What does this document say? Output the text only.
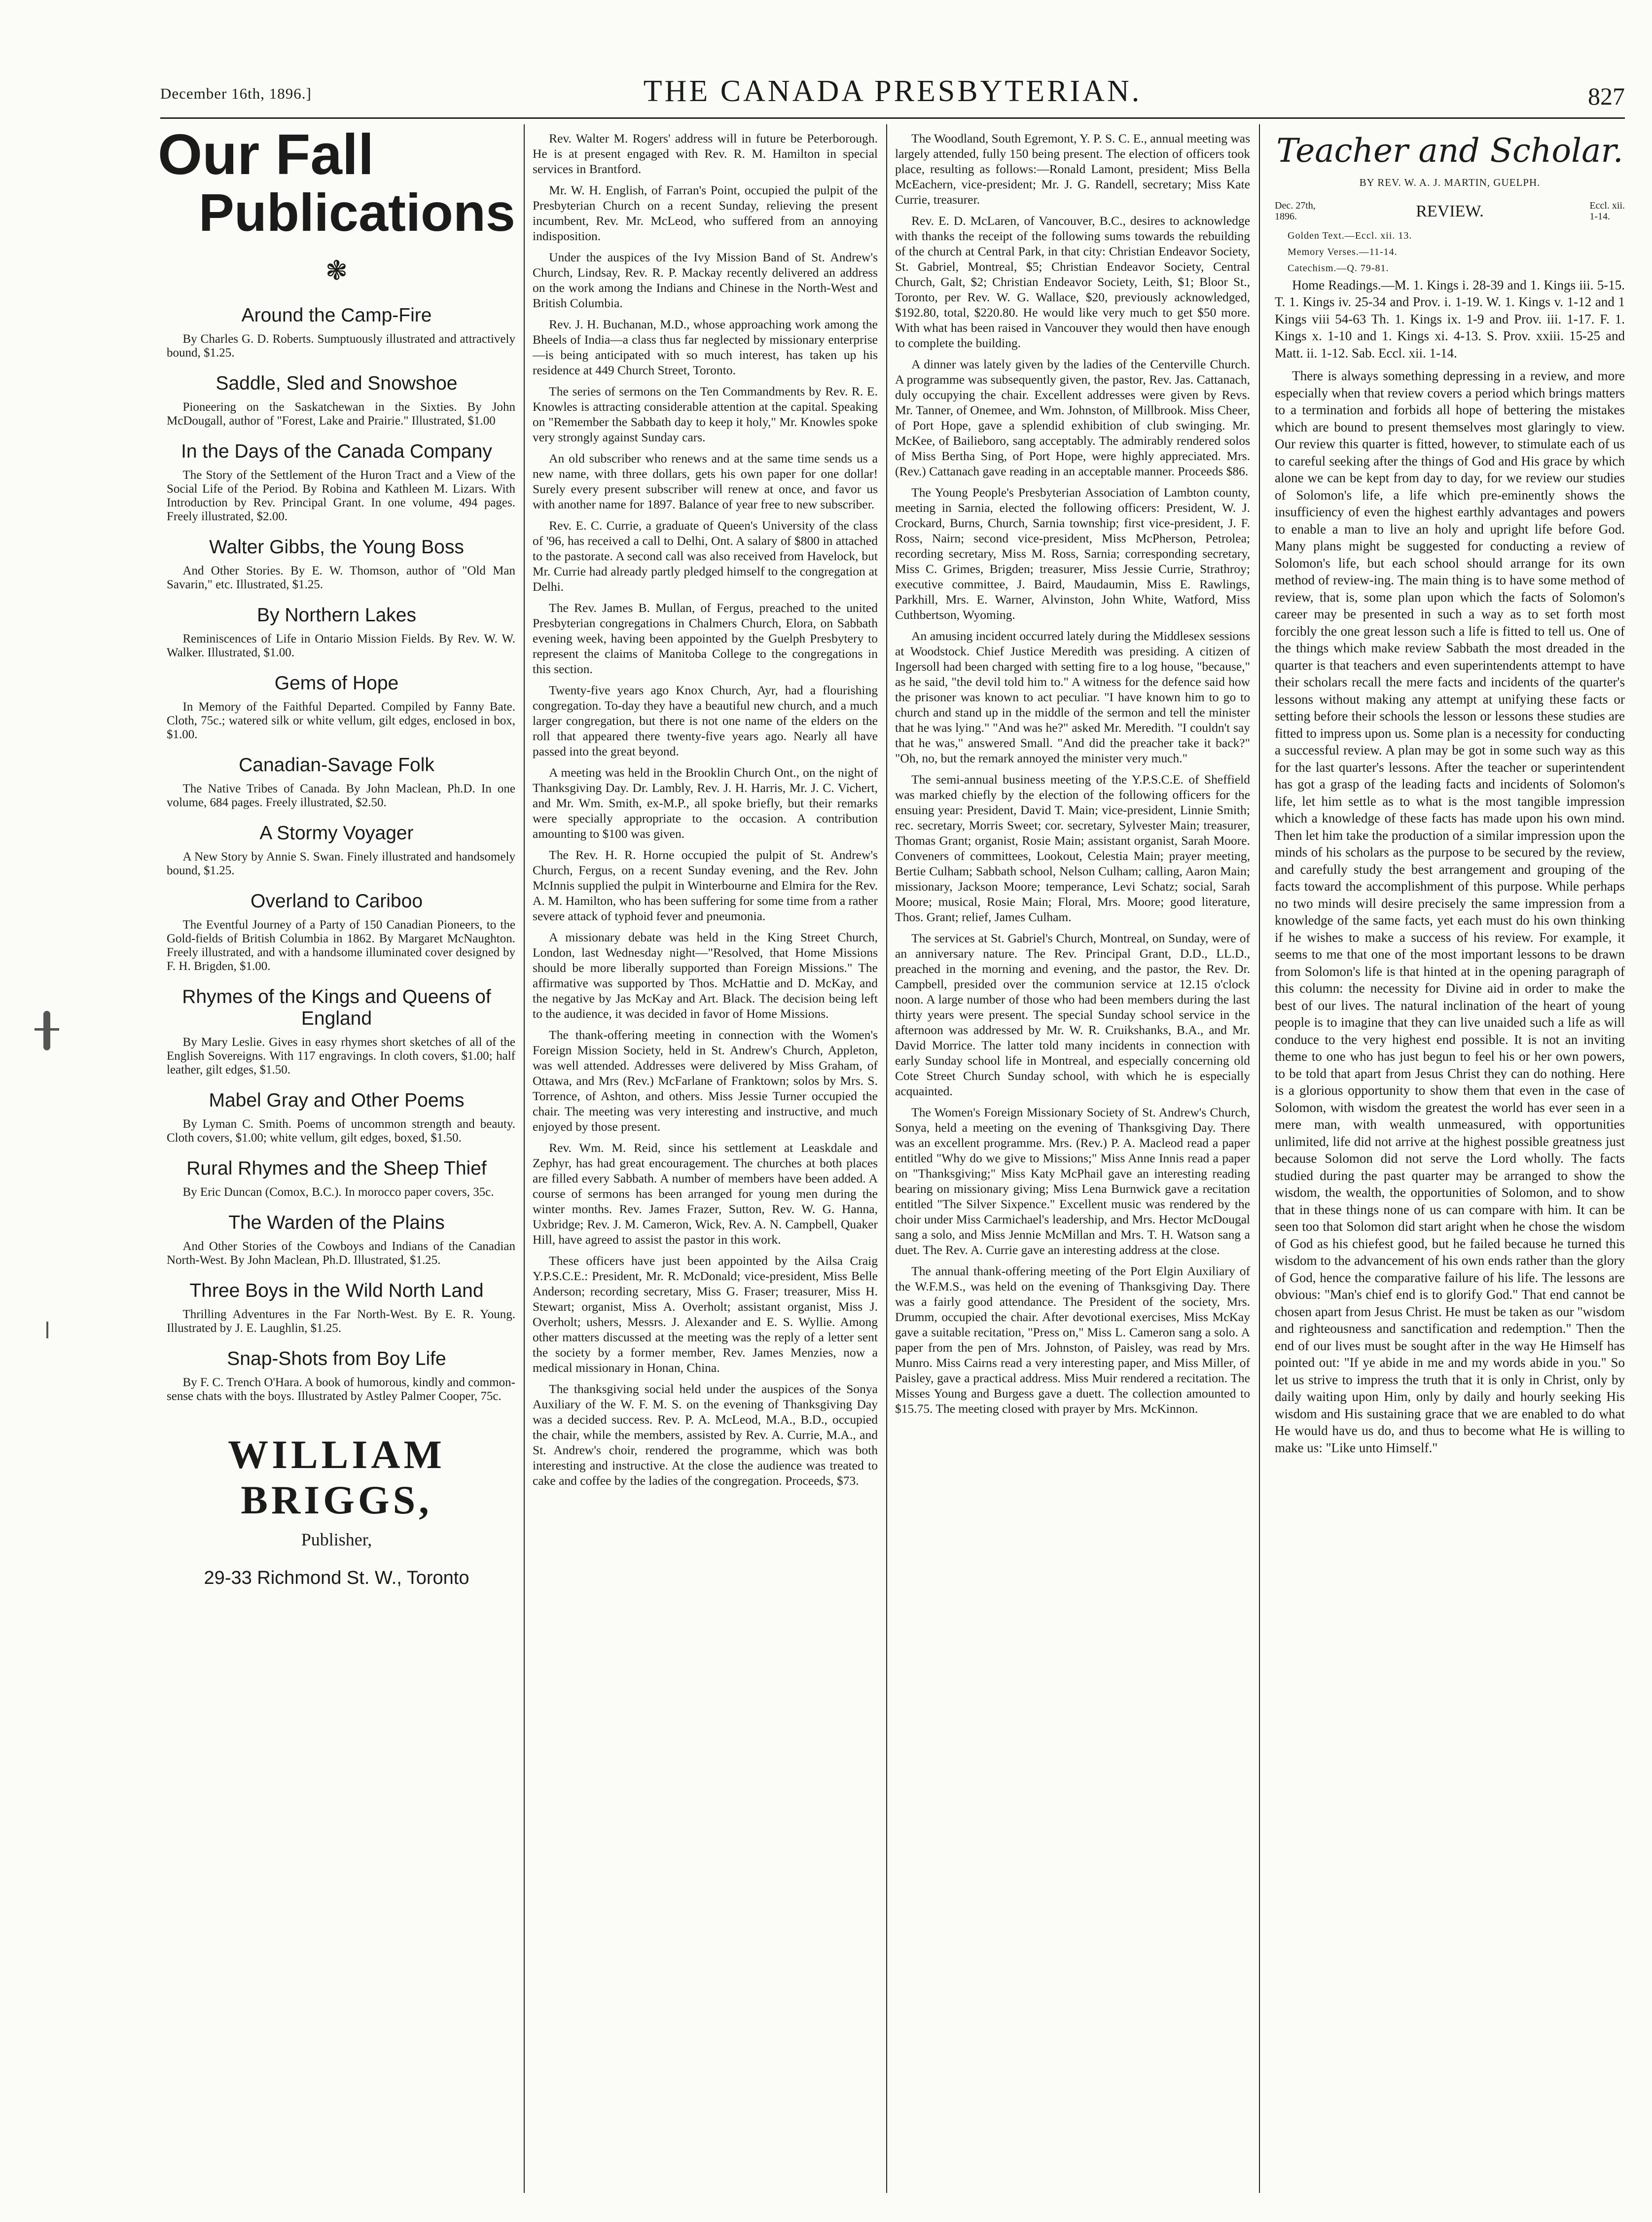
December 16th, 1896.]	THE CANADA PRESBYTERIAN.	827
Our Fall
Publications
❃
Around the Camp-Fire

By Charles G. D. Roberts. Sumptuously illustrated and attractively bound, $1.25.

Saddle, Sled and Snowshoe

Pioneering on the Saskatchewan in the Sixties. By John McDougall, author of "Forest, Lake and Prairie." Illustrated, $1.00

In the Days of the Canada Company

The Story of the Settlement of the Huron Tract and a View of the Social Life of the Period. By Robina and Kathleen M. Lizars. With Introduction by Rev. Principal Grant. In one volume, 494 pages. Freely illustrated, $2.00.

Walter Gibbs, the Young Boss

And Other Stories. By E. W. Thomson, author of "Old Man Savarin," etc. Illustrated, $1.25.

By Northern Lakes

Reminiscences of Life in Ontario Mission Fields. By Rev. W. W. Walker. Illustrated, $1.00.

Gems of Hope

In Memory of the Faithful Departed. Compiled by Fanny Bate. Cloth, 75c.; watered silk or white vellum, gilt edges, enclosed in box, $1.00.

Canadian-Savage Folk

The Native Tribes of Canada. By John Maclean, Ph.D. In one volume, 684 pages. Freely illustrated, $2.50.

A Stormy Voyager

A New Story by Annie S. Swan. Finely illustrated and handsomely bound, $1.25.

Overland to Cariboo

The Eventful Journey of a Party of 150 Canadian Pioneers, to the Gold-fields of British Columbia in 1862. By Margaret McNaughton. Freely illustrated, and with a handsome illuminated cover designed by F. H. Brigden, $1.00.

Rhymes of the Kings and Queens of England

By Mary Leslie. Gives in easy rhymes short sketches of all of the English Sovereigns. With 117 engravings. In cloth covers, $1.00; half leather, gilt edges, $1.50.

Mabel Gray and Other Poems

By Lyman C. Smith. Poems of uncommon strength and beauty. Cloth covers, $1.00; white vellum, gilt edges, boxed, $1.50.

Rural Rhymes and the Sheep Thief

By Eric Duncan (Comox, B.C.). In morocco paper covers, 35c.

The Warden of the Plains

And Other Stories of the Cowboys and Indians of the Canadian North-West. By John Maclean, Ph.D. Illustrated, $1.25.

Three Boys in the Wild North Land

Thrilling Adventures in the Far North-West. By E. R. Young. Illustrated by J. E. Laughlin, $1.25.

Snap-Shots from Boy Life

By F. C. Trench O'Hara. A book of humorous, kindly and common-sense chats with the boys. Illustrated by Astley Palmer Cooper, 75c.

WILLIAM BRIGGS,
Publisher,
29-33 Richmond St. W., Toronto

Rev. Walter M. Rogers' address will in future be Peterborough. He is at present engaged with Rev. R. M. Hamilton in special services in Brantford.

Mr. W. H. English, of Farran's Point, occupied the pulpit of the Presbyterian Church on a recent Sunday, relieving the present incumbent, Rev. Mr. McLeod, who suffered from an annoying indisposition.

Under the auspices of the Ivy Mission Band of St. Andrew's Church, Lindsay, Rev. R. P. Mackay recently delivered an address on the work among the Indians and Chinese in the North-West and British Columbia.

Rev. J. H. Buchanan, M.D., whose approaching work among the Bheels of India—a class thus far neglected by missionary enterprise—is being anticipated with so much interest, has taken up his residence at 449 Church Street, Toronto.

The series of sermons on the Ten Commandments by Rev. R. E. Knowles is attracting considerable attention at the capital. Speaking on "Remember the Sabbath day to keep it holy," Mr. Knowles spoke very strongly against Sunday cars.

An old subscriber who renews and at the same time sends us a new name, with three dollars, gets his own paper for one dollar! Surely every present subscriber will renew at once, and favor us with another name for 1897. Balance of year free to new subscriber.

Rev. E. C. Currie, a graduate of Queen's University of the class of '96, has received a call to Delhi, Ont. A salary of $800 in attached to the pastorate. A second call was also received from Havelock, but Mr. Currie had already partly pledged himself to the congregation at Delhi.

The Rev. James B. Mullan, of Fergus, preached to the united Presbyterian congregations in Chalmers Church, Elora, on Sabbath evening week, having been appointed by the Guelph Presbytery to represent the claims of Manitoba College to the congregations in this section.

Twenty-five years ago Knox Church, Ayr, had a flourishing congregation. To-day they have a beautiful new church, and a much larger congregation, but there is not one name of the elders on the roll that appeared there twenty-five years ago. Nearly all have passed into the great beyond.

A meeting was held in the Brooklin Church Ont., on the night of Thanksgiving Day. Dr. Lambly, Rev. J. H. Harris, Mr. J. C. Vichert, and Mr. Wm. Smith, ex-M.P., all spoke briefly, but their remarks were specially appropriate to the occasion. A contribution amounting to $100 was given.

The Rev. H. R. Horne occupied the pulpit of St. Andrew's Church, Fergus, on a recent Sunday evening, and the Rev. John McInnis supplied the pulpit in Winterbourne and Elmira for the Rev. A. M. Hamilton, who has been suffering for some time from a rather severe attack of typhoid fever and pneumonia.

A missionary debate was held in the King Street Church, London, last Wednesday night—"Resolved, that Home Missions should be more liberally supported than Foreign Missions." The affirmative was supported by Thos. McHattie and D. McKay, and the negative by Jas McKay and Art. Black. The decision being left to the audience, it was decided in favor of Home Missions.

The thank-offering meeting in connection with the Women's Foreign Mission Society, held in St. Andrew's Church, Appleton, was well attended. Addresses were delivered by Miss Graham, of Ottawa, and Mrs (Rev.) McFarlane of Franktown; solos by Mrs. S. Torrence, of Ashton, and others. Miss Jessie Turner occupied the chair. The meeting was very interesting and instructive, and much enjoyed by those present.

Rev. Wm. M. Reid, since his settlement at Leaskdale and Zephyr, has had great encouragement. The churches at both places are filled every Sabbath. A number of members have been added. A course of sermons has been arranged for young men during the winter months. Rev. James Frazer, Sutton, Rev. W. G. Hanna, Uxbridge; Rev. J. M. Cameron, Wick, Rev. A. N. Campbell, Quaker Hill, have agreed to assist the pastor in this work.

These officers have just been appointed by the Ailsa Craig Y.P.S.C.E.: President, Mr. R. McDonald; vice-president, Miss Belle Anderson; recording secretary, Miss G. Fraser; treasurer, Miss H. Stewart; organist, Miss A. Overholt; assistant organist, Miss J. Overholt; ushers, Messrs. J. Alexander and E. S. Wyllie. Among other matters discussed at the meeting was the reply of a letter sent the society by a former member, Rev. James Menzies, now a medical missionary in Honan, China.

The thanksgiving social held under the auspices of the Sonya Auxiliary of the W. F. M. S. on the evening of Thanksgiving Day was a decided success. Rev. P. A. McLeod, M.A., B.D., occupied the chair, while the members, assisted by Rev. A. Currie, M.A., and St. Andrew's choir, rendered the programme, which was both interesting and instructive. At the close the audience was treated to cake and coffee by the ladies of the congregation. Proceeds, $73.

The Woodland, South Egremont, Y. P. S. C. E., annual meeting was largely attended, fully 150 being present. The election of officers took place, resulting as follows:—Ronald Lamont, president; Miss Bella McEachern, vice-president; Mr. J. G. Randell, secretary; Miss Kate Currie, treasurer.

Rev. E. D. McLaren, of Vancouver, B.C., desires to acknowledge with thanks the receipt of the following sums towards the rebuilding of the church at Central Park, in that city: Christian Endeavor Society, St. Gabriel, Montreal, $5; Christian Endeavor Society, Central Church, Galt, $2; Christian Endeavor Society, Leith, $1; Bloor St., Toronto, per Rev. W. G. Wallace, $20, previously acknowledged, $192.80, total, $220.80. He would like very much to get $50 more. With what has been raised in Vancouver they would then have enough to complete the building.

A dinner was lately given by the ladies of the Centerville Church. A programme was subsequently given, the pastor, Rev. Jas. Cattanach, duly occupying the chair. Excellent addresses were given by Revs. Mr. Tanner, of Onemee, and Wm. Johnston, of Millbrook. Miss Cheer, of Port Hope, gave a splendid exhibition of club swinging. Mr. McKee, of Bailieboro, sang acceptably. The admirably rendered solos of Miss Bertha Sing, of Port Hope, were highly appreciated. Mrs. (Rev.) Cattanach gave reading in an acceptable manner. Proceeds $86.

The Young People's Presbyterian Association of Lambton county, meeting in Sarnia, elected the following officers: President, W. J. Crockard, Burns, Church, Sarnia township; first vice-president, J. F. Ross, Nairn; second vice-president, Miss McPherson, Petrolea; recording secretary, Miss M. Ross, Sarnia; corresponding secretary, Miss C. Grimes, Brigden; treasurer, Miss Jessie Currie, Strathroy; executive committee, J. Baird, Maudaumin, Miss E. Rawlings, Parkhill, Mrs. E. Warner, Alvinston, John White, Watford, Miss Cuthbertson, Wyoming.

An amusing incident occurred lately during the Middlesex sessions at Woodstock. Chief Justice Meredith was presiding. A citizen of Ingersoll had been charged with setting fire to a log house, "because," as he said, "the devil told him to." A witness for the defence said how the prisoner was known to act peculiar. "I have known him to go to church and stand up in the middle of the sermon and tell the minister that he was lying." "And was he?" asked Mr. Meredith. "I couldn't say that he was," answered Small. "And did the preacher take it back?" "Oh, no, but the remark annoyed the minister very much."

The semi-annual business meeting of the Y.P.S.C.E. of Sheffield was marked chiefly by the election of the following officers for the ensuing year: President, David T. Main; vice-president, Linnie Smith; rec. secretary, Morris Sweet; cor. secretary, Sylvester Main; treasurer, Thomas Grant; organist, Rosie Main; assistant organist, Sarah Moore. Conveners of committees, Lookout, Celestia Main; prayer meeting, Bertie Culham; Sabbath school, Nelson Culham; calling, Aaron Main; missionary, Jackson Moore; temperance, Levi Schatz; social, Sarah Moore; musical, Rosie Main; Floral, Mrs. Moore; good literature, Thos. Grant; relief, James Culham.

The services at St. Gabriel's Church, Montreal, on Sunday, were of an anniversary nature. The Rev. Principal Grant, D.D., LL.D., preached in the morning and evening, and the pastor, the Rev. Dr. Campbell, presided over the communion service at 12.15 o'clock noon. A large number of those who had been members during the last thirty years were present. The special Sunday school service in the afternoon was addressed by Mr. W. R. Cruikshanks, B.A., and Mr. David Morrice. The latter told many incidents in connection with early Sunday school life in Montreal, and especially concerning old Cote Street Church Sunday school, with which he is especially acquainted.

The Women's Foreign Missionary Society of St. Andrew's Church, Sonya, held a meeting on the evening of Thanksgiving Day. There was an excellent programme. Mrs. (Rev.) P. A. Macleod read a paper entitled "Why do we give to Missions;" Miss Anne Innis read a paper on "Thanksgiving;" Miss Katy McPhail gave an interesting reading bearing on missionary giving; Miss Lena Burnwick gave a recitation entitled "The Silver Sixpence." Excellent music was rendered by the choir under Miss Carmichael's leadership, and Mrs. Hector McDougal sang a solo, and Miss Jennie McMillan and Mrs. T. H. Watson sang a duet. The Rev. A. Currie gave an interesting address at the close.

The annual thank-offering meeting of the Port Elgin Auxiliary of the W.F.M.S., was held on the evening of Thanksgiving Day. There was a fairly good attendance. The President of the society, Mrs. Drumm, occupied the chair. After devotional exercises, Miss McKay gave a suitable recitation, "Press on," Miss L. Cameron sang a solo. A paper from the pen of Mrs. Johnston, of Paisley, was read by Mrs. Munro. Miss Cairns read a very interesting paper, and Miss Miller, of Paisley, gave a practical address. Miss Muir rendered a recitation. The Misses Young and Burgess gave a duett. The collection amounted to $15.75. The meeting closed with prayer by Mrs. McKinnon.

Teacher and Scholar.
BY REV. W. A. J. MARTIN, GUELPH.
Dec. 27th,
1896.	REVIEW.	Eccl. xii.
1-14.
Golden Text.—Eccl. xii. 13.
Memory Verses.—11-14.
Catechism.—Q. 79-81.

Home Readings.—M. 1. Kings i. 28-39 and 1. Kings iii. 5-15. T. 1. Kings iv. 25-34 and Prov. i. 1-19. W. 1. Kings v. 1-12 and 1 Kings viii 54-63 Th. 1. Kings ix. 1-9 and Prov. iii. 1-17. F. 1. Kings x. 1-10 and 1. Kings xi. 4-13. S. Prov. xxiii. 15-25 and Matt. ii. 1-12. Sab. Eccl. xii. 1-14.

There is always something depressing in a review, and more especially when that review covers a period which brings matters to a termination and forbids all hope of bettering the mistakes which are bound to present themselves most glaringly to view. Our review this quarter is fitted, however, to stimulate each of us to careful seeking after the things of God and His grace by which alone we can be kept from day to day, for we review our studies of Solomon's life, a life which pre-eminently shows the insufficiency of even the highest earthly advantages and powers to enable a man to live an holy and upright life before God. Many plans might be suggested for conducting a review of Solomon's life, but each school should arrange for its own method of review-ing. The main thing is to have some method of review, that is, some plan upon which the facts of Solomon's career may be presented in such a way as to set forth most forcibly the one great lesson such a life is fitted to tell us. One of the things which make review Sabbath the most dreaded in the quarter is that teachers and even superintendents attempt to have their scholars recall the mere facts and incidents of the quarter's lessons without making any attempt at unifying these facts or setting before their schools the lesson or lessons these studies are fitted to impress upon us. Some plan is a necessity for conducting a successful review. A plan may be got in some such way as this for the last quarter's lessons. After the teacher or superintendent has got a grasp of the leading facts and incidents of Solomon's life, let him settle as to what is the most tangible impression which a knowledge of these facts has made upon his own mind. Then let him take the production of a similar impression upon the minds of his scholars as the purpose to be secured by the review, and carefully study the best arrangement and grouping of the facts toward the accomplishment of this purpose. While perhaps no two minds will desire precisely the same impression from a knowledge of the same facts, yet each must do his own thinking if he wishes to make a success of his review. For example, it seems to me that one of the most important lessons to be drawn from Solomon's life is that hinted at in the opening paragraph of this column: the necessity for Divine aid in order to make the best of our lives. The natural inclination of the heart of young people is to imagine that they can live unaided such a life as will conduce to the very highest end possible. It is not an inviting theme to one who has just begun to feel his or her own powers, to be told that apart from Jesus Christ they can do nothing. Here is a glorious opportunity to show them that even in the case of Solomon, with wisdom the greatest the world has ever seen in a mere man, with wealth unmeasured, with opportunities unlimited, life did not arrive at the highest possible greatness just because Solomon did not serve the Lord wholly. The facts studied during the past quarter may be arranged to show the wisdom, the wealth, the opportunities of Solomon, and to show that in these things none of us can compare with him. It can be seen too that Solomon did start aright when he chose the wisdom of God as his chiefest good, but he failed because he turned this wisdom to the advancement of his own ends rather than the glory of God, hence the comparative failure of his life. The lessons are obvious: "Man's chief end is to glorify God." That end cannot be chosen apart from Jesus Christ. He must be taken as our "wisdom and righteousness and sanctification and redemption." Then the end of our lives must be sought after in the way He Himself has pointed out: "If ye abide in me and my words abide in you." So let us strive to impress the truth that it is only in Christ, only by daily waiting upon Him, only by daily and hourly seeking His wisdom and His sustaining grace that we are enabled to do what He would have us do, and thus to become what He is willing to make us: "Like unto Himself."
